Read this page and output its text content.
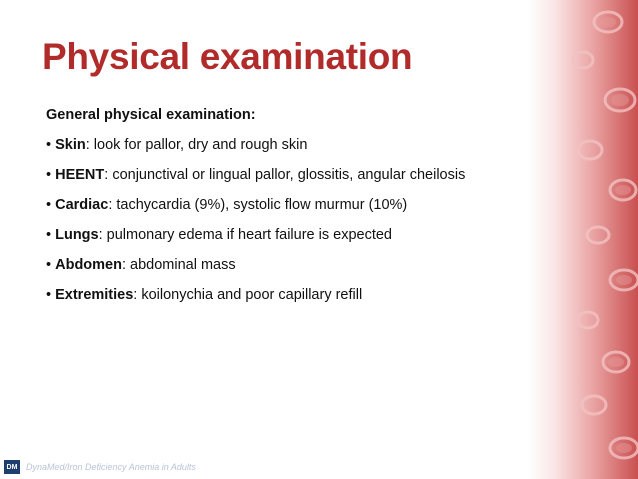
Physical examination
General physical examination:
• Skin: look for pallor, dry and rough skin
• HEENT: conjunctival or lingual pallor, glossitis, angular cheilosis
• Cardiac: tachycardia (9%), systolic flow murmur (10%)
• Lungs: pulmonary edema if heart failure is expected
• Abdomen: abdominal mass
• Extremities: koilonychia and poor capillary refill
DM DynaMed/Iron Deficiency Anemia in Adults
